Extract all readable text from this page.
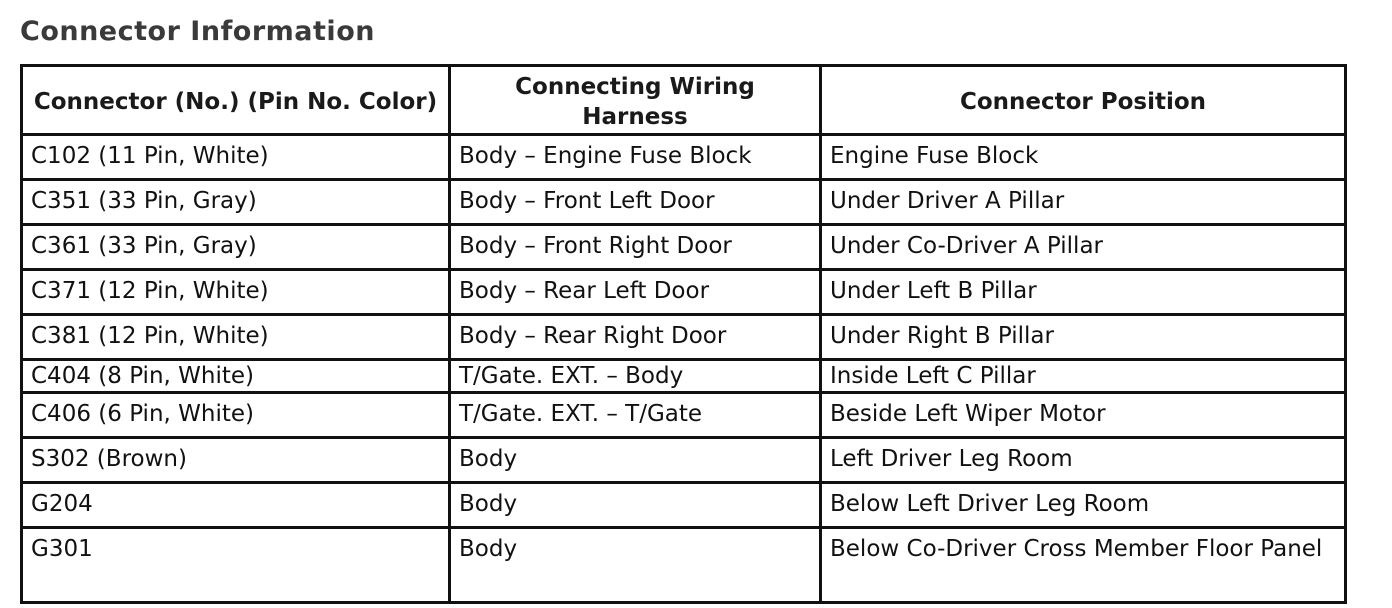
Connector Information
Connector (No.) (Pin No. Color)	Connecting Wiring Harness	Connector Position
C102 (11 Pin, White)	Body – Engine Fuse Block	Engine Fuse Block
C351 (33 Pin, Gray)	Body – Front Left Door	Under Driver A Pillar
C361 (33 Pin, Gray)	Body – Front Right Door	Under Co-Driver A Pillar
C371 (12 Pin, White)	Body – Rear Left Door	Under Left B Pillar
C381 (12 Pin, White)	Body – Rear Right Door	Under Right B Pillar
C404 (8 Pin, White)	T/Gate. EXT. – Body	Inside Left C Pillar
C406 (6 Pin, White)	T/Gate. EXT. – T/Gate	Beside Left Wiper Motor
S302 (Brown)	Body	Left Driver Leg Room
G204	Body	Below Left Driver Leg Room
G301	Body	Below Co-Driver Cross Member Floor Panel
